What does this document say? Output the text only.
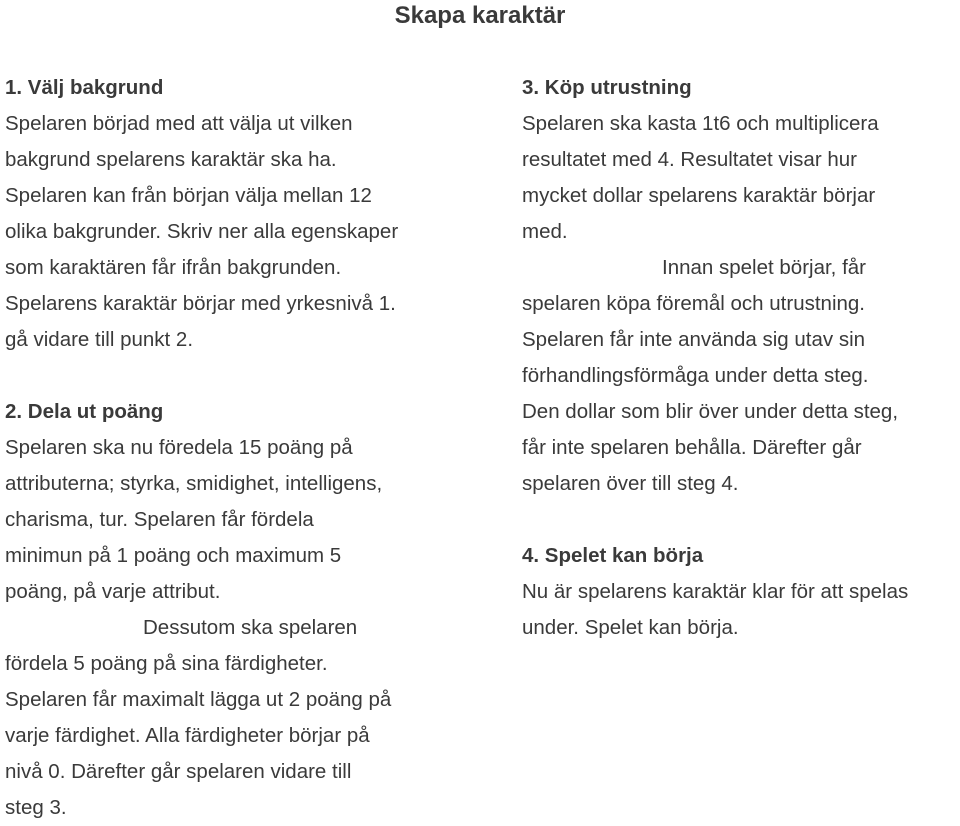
Skapa karaktär
1. Välj bakgrund
Spelaren börjad med att välja ut vilken
bakgrund spelarens karaktär ska ha.
Spelaren kan från början välja mellan 12
olika bakgrunder. Skriv ner alla egenskaper
som karaktären får ifrån bakgrunden.
Spelarens karaktär börjar med yrkesnivå 1.
gå vidare till punkt 2.
2. Dela ut poäng
Spelaren ska nu föredela 15 poäng på
attributerna; styrka, smidighet, intelligens,
charisma, tur. Spelaren får fördela
minimun på 1 poäng och maximum 5
poäng, på varje attribut.
Dessutom ska spelaren
fördela 5 poäng på sina färdigheter.
Spelaren får maximalt lägga ut 2 poäng på
varje färdighet. Alla färdigheter börjar på
nivå 0. Därefter går spelaren vidare till
steg 3.
3. Köp utrustning
Spelaren ska kasta 1t6 och multiplicera
resultatet med 4. Resultatet visar hur
mycket dollar spelarens karaktär börjar
med.
Innan spelet börjar, får
spelaren köpa föremål och utrustning.
Spelaren får inte använda sig utav sin
förhandlingsförmåga under detta steg.
Den dollar som blir över under detta steg,
får inte spelaren behålla. Därefter går
spelaren över till steg 4.
4. Spelet kan börja
Nu är spelarens karaktär klar för att spelas
under. Spelet kan börja.
